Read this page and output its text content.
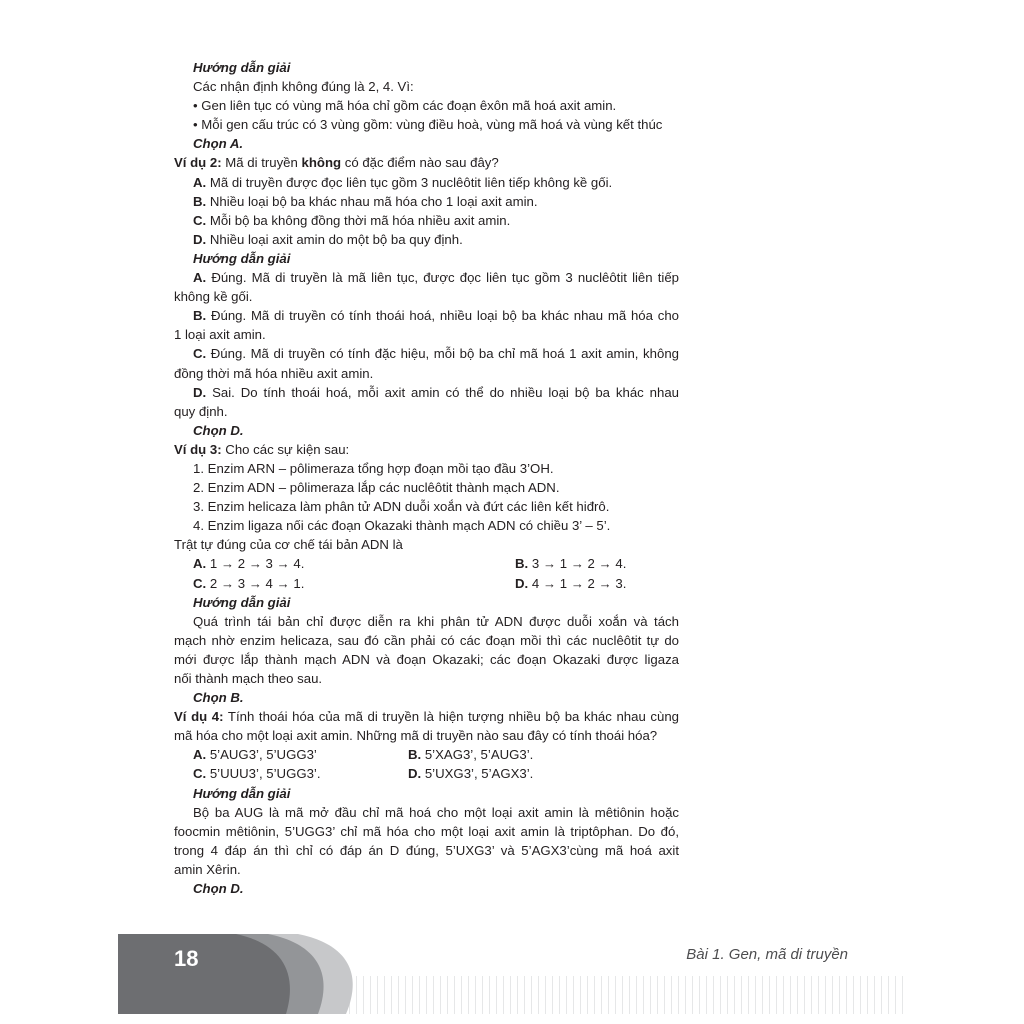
Hướng dẫn giải
Các nhận định không đúng là 2, 4. Vì:
• Gen liên tục có vùng mã hóa chỉ gồm các đoạn êxôn mã hoá axit amin.
• Mỗi gen cấu trúc có 3 vùng gồm: vùng điều hoà, vùng mã hoá và vùng kết thúc
Chọn A.
Ví dụ 2: Mã di truyền không có đặc điểm nào sau đây?
A. Mã di truyền được đọc liên tục gồm 3 nuclêôtit liên tiếp không kề gối.
B. Nhiều loại bộ ba khác nhau mã hóa cho 1 loại axit amin.
C. Mỗi bộ ba không đồng thời mã hóa nhiều axit amin.
D. Nhiều loại axit amin do một bộ ba quy định.
Hướng dẫn giải
A. Đúng. Mã di truyền là mã liên tục, được đọc liên tục gồm 3 nuclêôtit liên tiếp
không kề gối.
B. Đúng. Mã di truyền có tính thoái hoá, nhiều loại bộ ba khác nhau mã hóa cho
1 loại axit amin.
C. Đúng. Mã di truyền có tính đặc hiệu, mỗi bộ ba chỉ mã hoá 1 axit amin, không
đồng thời mã hóa nhiều axit amin.
D. Sai. Do tính thoái hoá, mỗi axit amin có thể do nhiều loại bộ ba khác nhau
quy định.
Chọn D.
Ví dụ 3: Cho các sự kiện sau:
1. Enzim ARN – pôlimeraza tổng hợp đoạn mồi tạo đầu 3’OH.
2. Enzim ADN – pôlimeraza lắp các nuclêôtit thành mạch ADN.
3. Enzim helicaza làm phân tử ADN duỗi xoắn và đứt các liên kết hiđrô.
4. Enzim ligaza nối các đoạn Okazaki thành mạch ADN có chiều 3’ – 5’.
Trật tự đúng của cơ chế tái bản ADN là
A. 1 → 2 → 3 → 4.	B. 3 → 1 → 2 → 4.
C. 2 → 3 → 4 → 1.	D. 4 → 1 → 2 → 3.
Hướng dẫn giải
Quá trình tái bản chỉ được diễn ra khi phân tử ADN được duỗi xoắn và tách
mạch nhờ enzim helicaza, sau đó cần phải có các đoạn mồi thì các nuclêôtit tự do
mới được lắp thành mạch ADN và đoạn Okazaki; các đoạn Okazaki được ligaza
nối thành mạch theo sau.
Chọn B.
Ví dụ 4: Tính thoái hóa của mã di truyền là hiện tượng nhiều bộ ba khác nhau cùng
mã hóa cho một loại axit amin. Những mã di truyền nào sau đây có tính thoái hóa?
A. 5’AUG3’, 5’UGG3’	B. 5’XAG3’, 5’AUG3’.
C. 5’UUU3’, 5’UGG3’.	D. 5’UXG3’, 5’AGX3’.
Hướng dẫn giải
Bộ ba AUG là mã mở đầu chỉ mã hoá cho một loại axit amin là mêtiônin hoặc
foocmin mêtiônin, 5’UGG3’ chỉ mã hóa cho một loại axit amin là triptôphan. Do đó,
trong 4 đáp án thì chỉ có đáp án D đúng, 5’UXG3’ và 5’AGX3’cùng mã hoá axit
amin Xêrin.
Chọn D.
18	Bài 1. Gen, mã di truyền
